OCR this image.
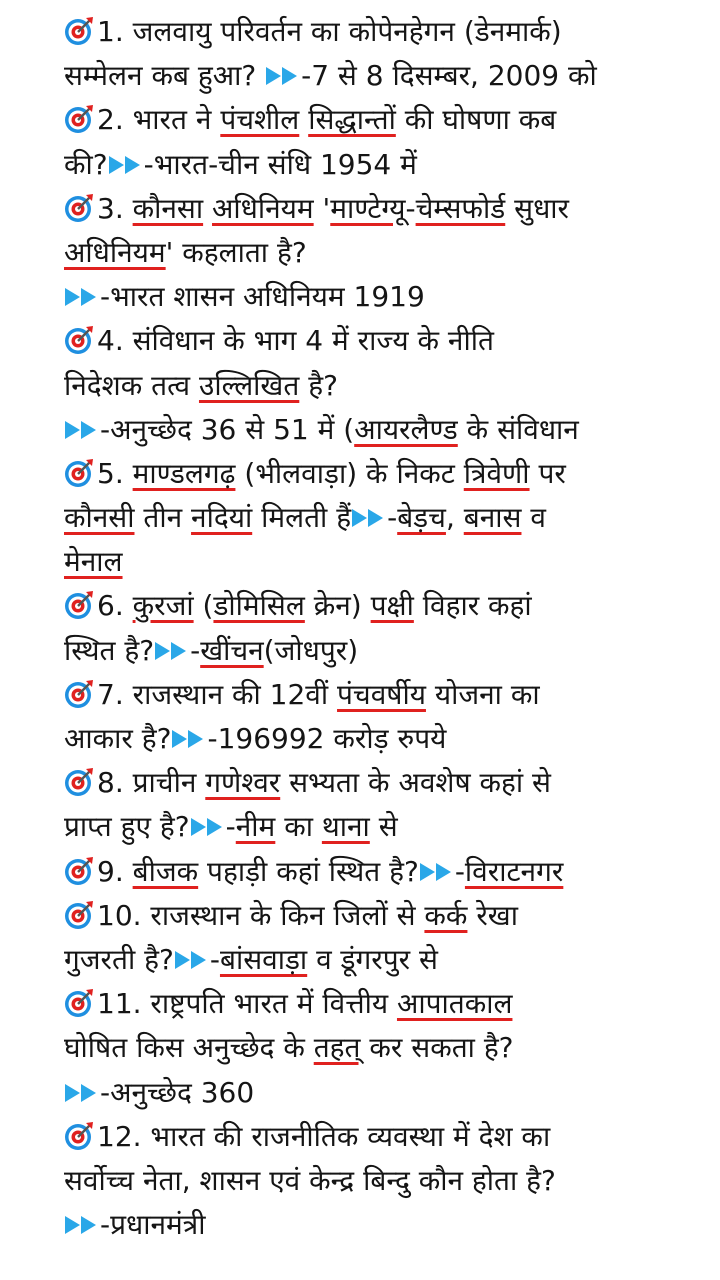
1. जलवायु परिवर्तन का कोपेनहेगन (डेनमार्क)
सम्मेलन कब हुआ?
-7 से 8 दिसम्बर, 2009 को
2. भारत ने पंचशील सिद्धान्तों की घोषणा कब
की? -भारत-चीन संधि 1954 में
3. कौनसा अधिनियम 'माण्टेग्यू-चेम्सफोर्ड सुधार
अधिनियम' कहलाता है?
-भारत शासन अधिनियम 1919
4. संविधान के भाग 4 में राज्य के नीति
निदेशक तत्व उल्लिखित है?
-अनुच्छेद 36 से 51 में (आयरलैण्ड के संविधान
5. माण्डलगढ़ (भीलवाड़ा) के निकट त्रिवेणी पर
कौनसी तीन नदियां मिलती हैं -बेड़च, बनास व
मेनाल
6. कुरजां (डोमिसिल क्रेन) पक्षी विहार कहां
स्थित है? -खींचन(जोधपुर)
7. राजस्थान की 12वीं पंचवर्षीय योजना का
आकार है? -196992 करोड़ रुपये
8. प्राचीन गणेश्वर सभ्यता के अवशेष कहां से
प्राप्त हुए है? -नीम का थाना से
9. बीजक पहाड़ी कहां स्थित है? -विराटनगर
10. राजस्थान के किन जिलों से कर्क रेखा
गुजरती है? -बांसवाड़ा व डूंगरपुर से
11. राष्ट्रपति भारत में वित्तीय आपातकाल
घोषित किस अनुच्छेद के तहत् कर सकता है?
-अनुच्छेद 360
12. भारत की राजनीतिक व्यवस्था में देश का
सर्वोच्च नेता, शासन एवं केन्द्र बिन्दु कौन होता है?
-प्रधानमंत्री
